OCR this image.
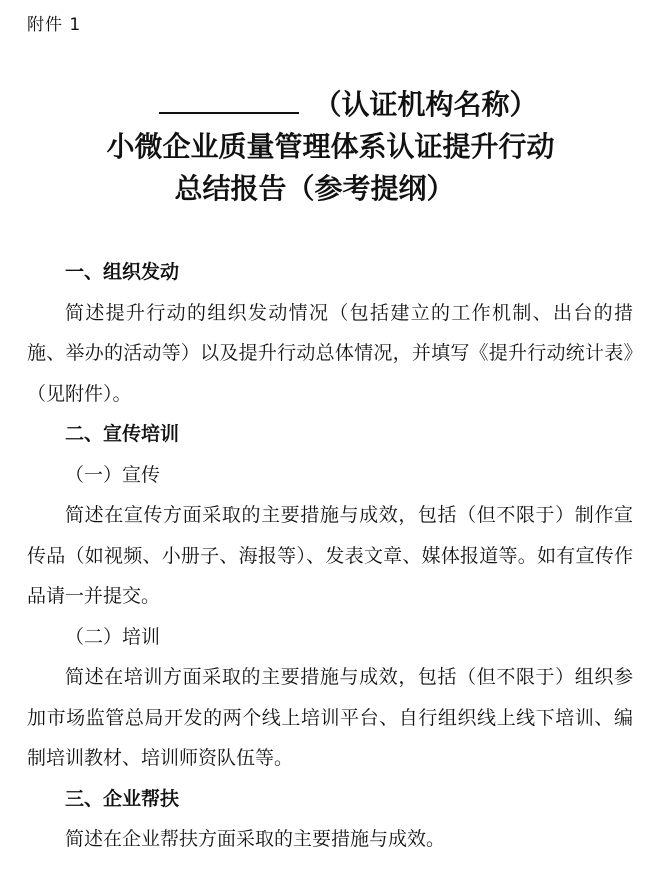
附件 1
（认证机构名称）
小微企业质量管理体系认证提升行动
总结报告（参考提纲）
一、组织发动
简述提升行动的组织发动情况（包括建立的工作机制、出台的措施、举办的活动等）以及提升行动总体情况，并填写《提升行动统计表》（见附件）。
二、宣传培训
（一）宣传
简述在宣传方面采取的主要措施与成效，包括（但不限于）制作宣传品（如视频、小册子、海报等）、发表文章、媒体报道等。如有宣传作品请一并提交。
（二）培训
简述在培训方面采取的主要措施与成效，包括（但不限于）组织参加市场监管总局开发的两个线上培训平台、自行组织线上线下培训、编制培训教材、培训师资队伍等。
三、企业帮扶
简述在企业帮扶方面采取的主要措施与成效。
